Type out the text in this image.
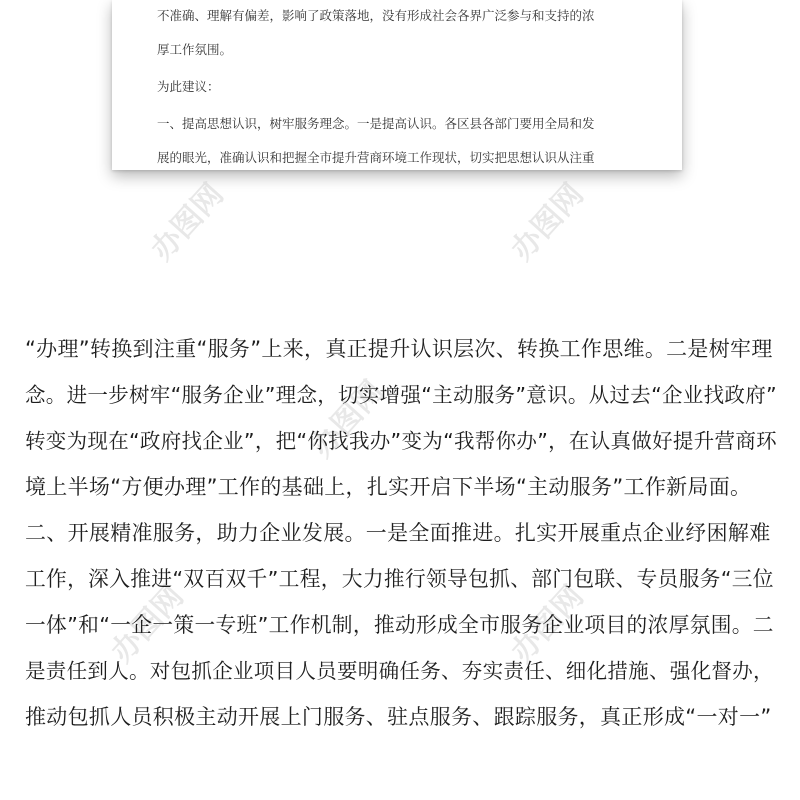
不准确、理解有偏差，影响了政策落地，没有形成社会各界广泛参与和支持的浓
厚工作氛围。
为此建议：
一、提高思想认识，树牢服务理念。一是提高认识。各区县各部门要用全局和发
展的眼光，准确认识和把握全市提升营商环境工作现状，切实把思想认识从注重
办图网	办图网
办图网
办图网	办图网
“办理”转换到注重“服务”上来，真正提升认识层次、转换工作思维。二是树牢理
念。进一步树牢“服务企业”理念，切实增强“主动服务”意识。从过去“企业找政府”
转变为现在“政府找企业”，把“你找我办”变为“我帮你办”，在认真做好提升营商环
境上半场“方便办理”工作的基础上，扎实开启下半场“主动服务”工作新局面。
二、开展精准服务，助力企业发展。一是全面推进。扎实开展重点企业纾困解难
工作，深入推进“双百双千”工程，大力推行领导包抓、部门包联、专员服务“三位
一体”和“一企一策一专班”工作机制，推动形成全市服务企业项目的浓厚氛围。二
是责任到人。对包抓企业项目人员要明确任务、夯实责任、细化措施、强化督办，
推动包抓人员积极主动开展上门服务、驻点服务、跟踪服务，真正形成“一对一”
